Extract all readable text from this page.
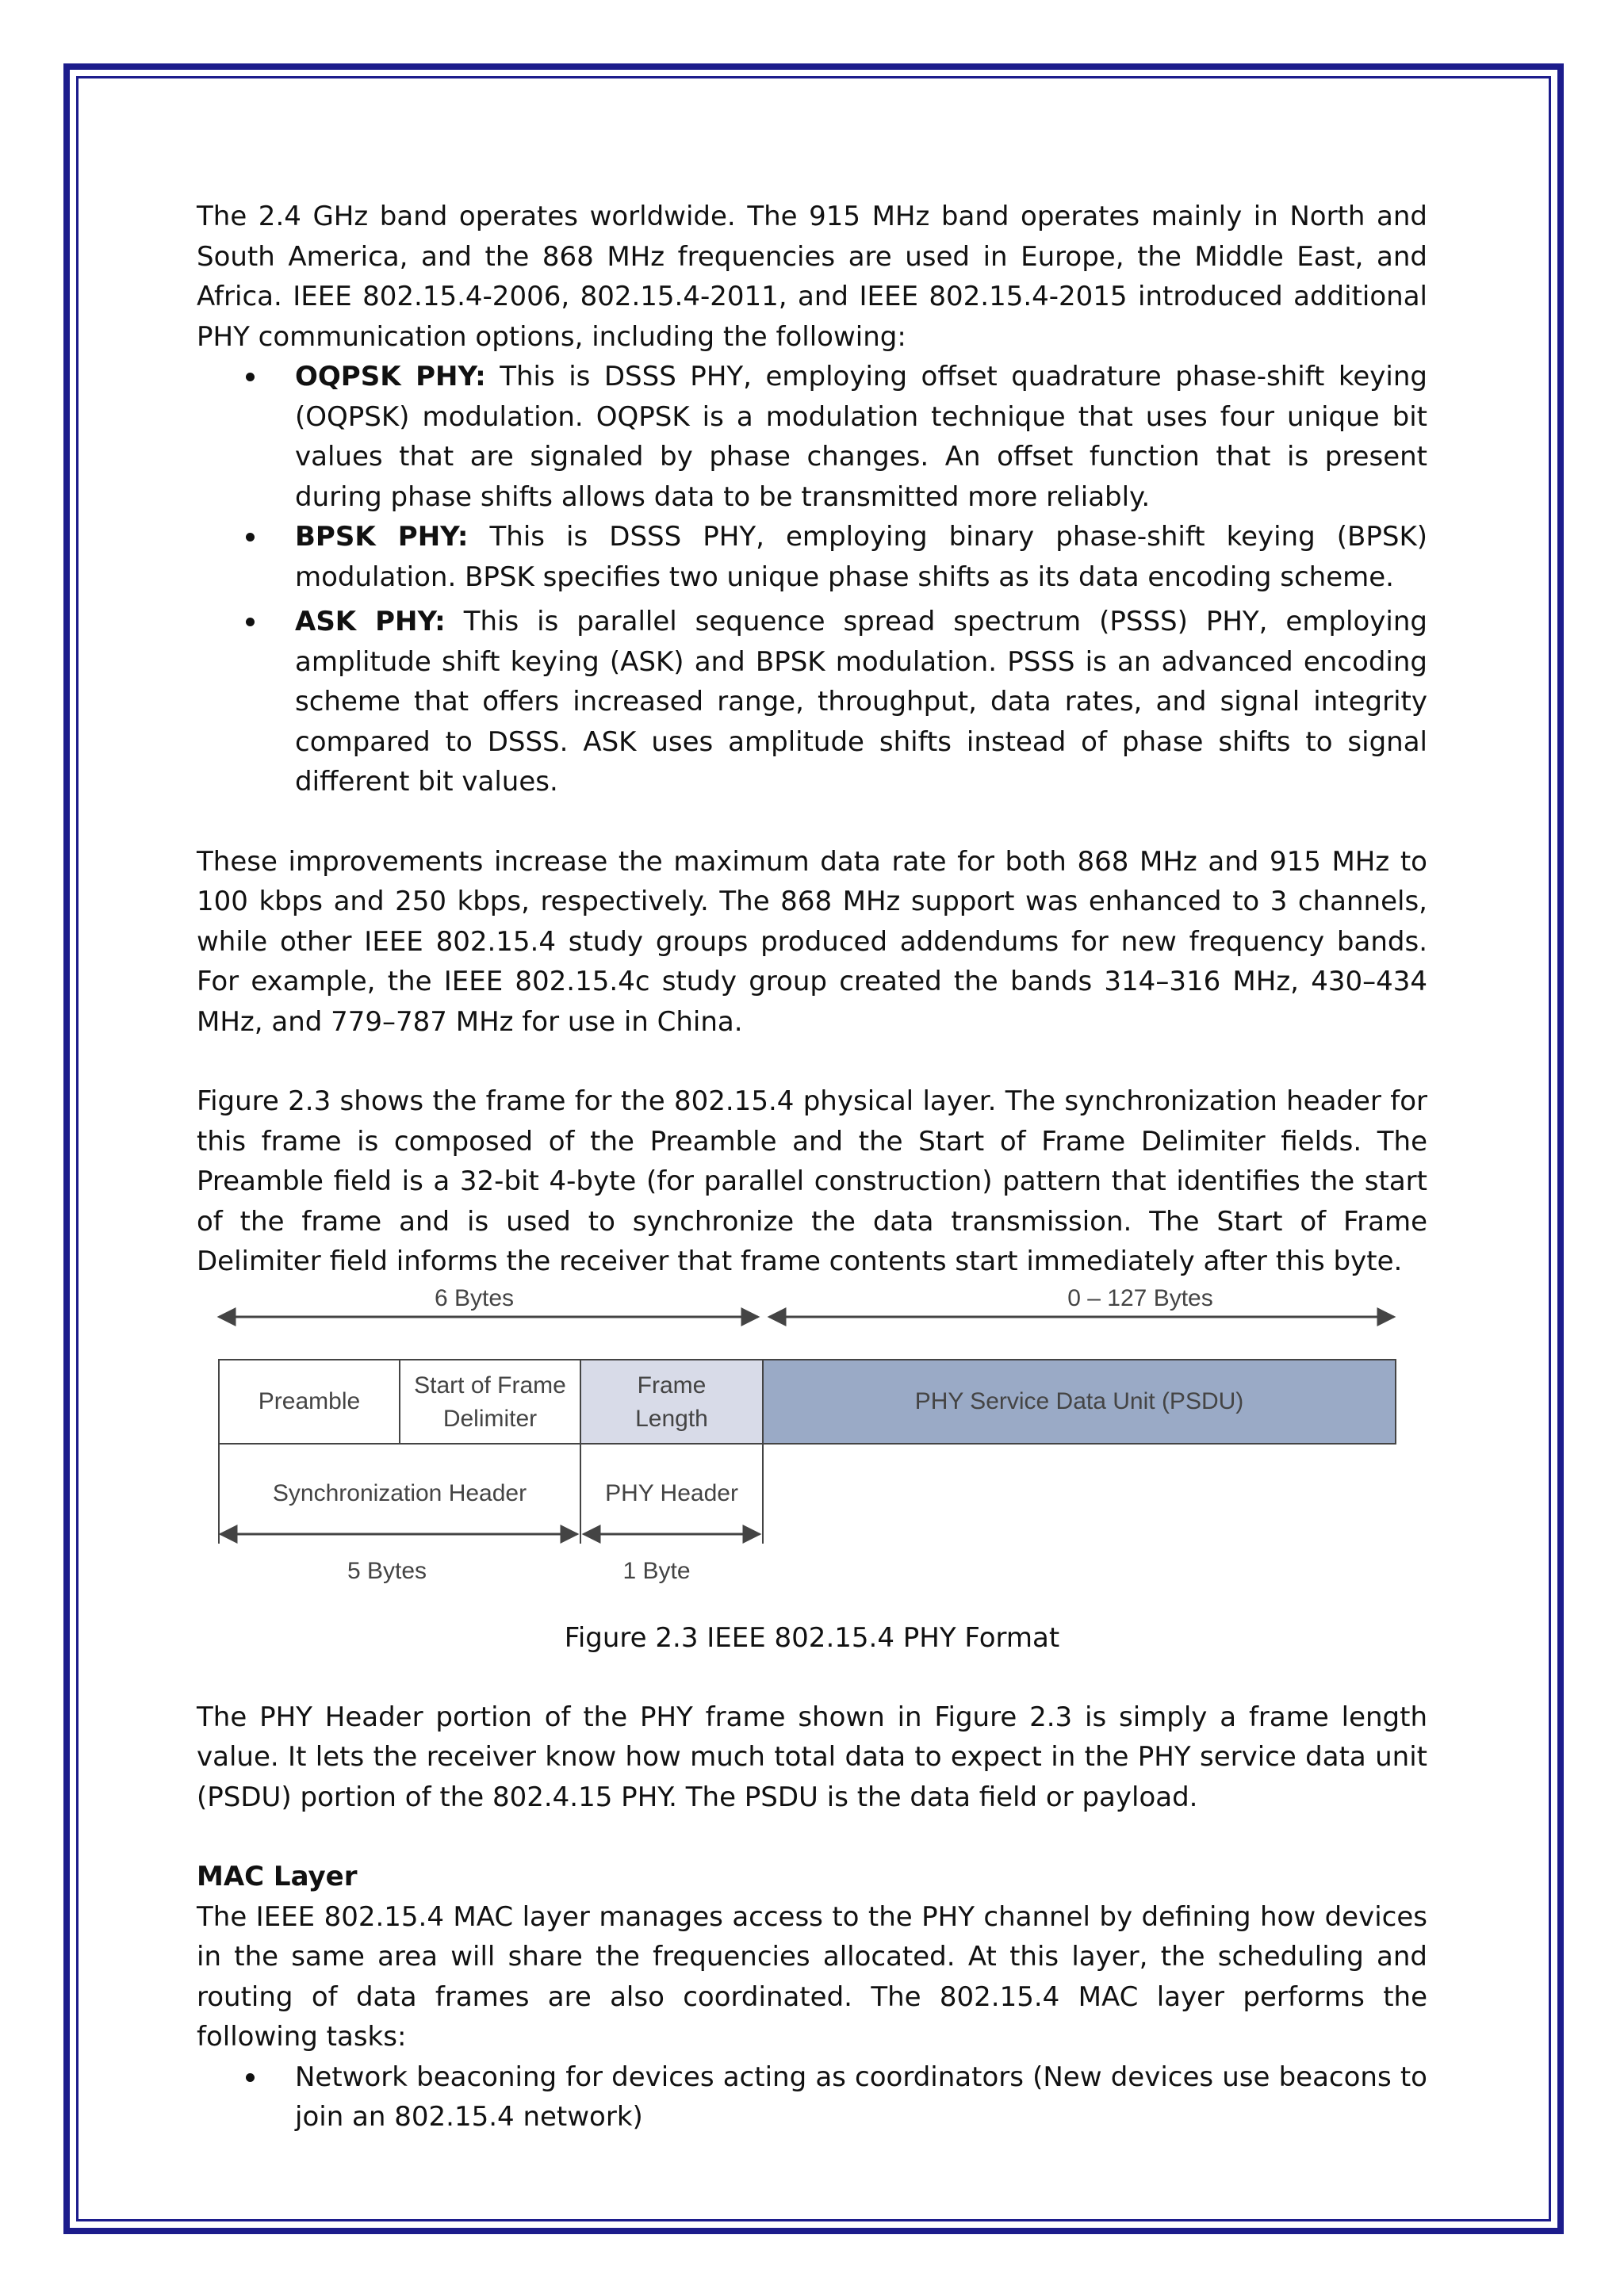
The 2.4 GHz band operates worldwide. The 915 MHz band operates mainly in North and South America, and the 868 MHz frequencies are used in Europe, the Middle East, and Africa. IEEE 802.15.4-2006, 802.15.4-2011, and IEEE 802.15.4-2015 introduced additional PHY communication options, including the following:

OQPSK PHY: This is DSSS PHY, employing offset quadrature phase-shift keying (OQPSK) modulation. OQPSK is a modulation technique that uses four unique bit values that are signaled by phase changes. An offset function that is present during phase shifts allows data to be transmitted more reliably.
BPSK PHY: This is DSSS PHY, employing binary phase-shift keying (BPSK) modulation. BPSK specifies two unique phase shifts as its data encoding scheme.
ASK PHY: This is parallel sequence spread spectrum (PSSS) PHY, employing amplitude shift keying (ASK) and BPSK modulation. PSSS is an advanced encoding scheme that offers increased range, throughput, data rates, and signal integrity compared to DSSS. ASK uses amplitude shifts instead of phase shifts to signal different bit values.

These improvements increase the maximum data rate for both 868 MHz and 915 MHz to 100 kbps and 250 kbps, respectively. The 868 MHz support was enhanced to 3 channels, while other IEEE 802.15.4 study groups produced addendums for new frequency bands. For example, the IEEE 802.15.4c study group created the bands 314–316 MHz, 430–434 MHz, and 779–787 MHz for use in China.

Figure 2.3 shows the frame for the 802.15.4 physical layer. The synchronization header for this frame is composed of the Preamble and the Start of Frame Delimiter fields. The Preamble field is a 32-bit 4-byte (for parallel construction) pattern that identifies the start of the frame and is used to synchronize the data transmission. The Start of Frame Delimiter field informs the receiver that frame contents start immediately after this byte.

6 Bytes	0 – 127 Bytes
Preamble
Start of Frame
Delimiter
Frame
Length
PHY Service Data Unit (PSDU)
Synchronization Header	PHY Header
5 Bytes	1 Byte
Figure 2.3 IEEE 802.15.4 PHY Format

The PHY Header portion of the PHY frame shown in Figure 2.3 is simply a frame length value. It lets the receiver know how much total data to expect in the PHY service data unit (PSDU) portion of the 802.4.15 PHY. The PSDU is the data field or payload.

MAC Layer

The IEEE 802.15.4 MAC layer manages access to the PHY channel by defining how devices in the same area will share the frequencies allocated. At this layer, the scheduling and routing of data frames are also coordinated. The 802.15.4 MAC layer performs the following tasks:

Network beaconing for devices acting as coordinators (New devices use beacons to join an 802.15.4 network)
